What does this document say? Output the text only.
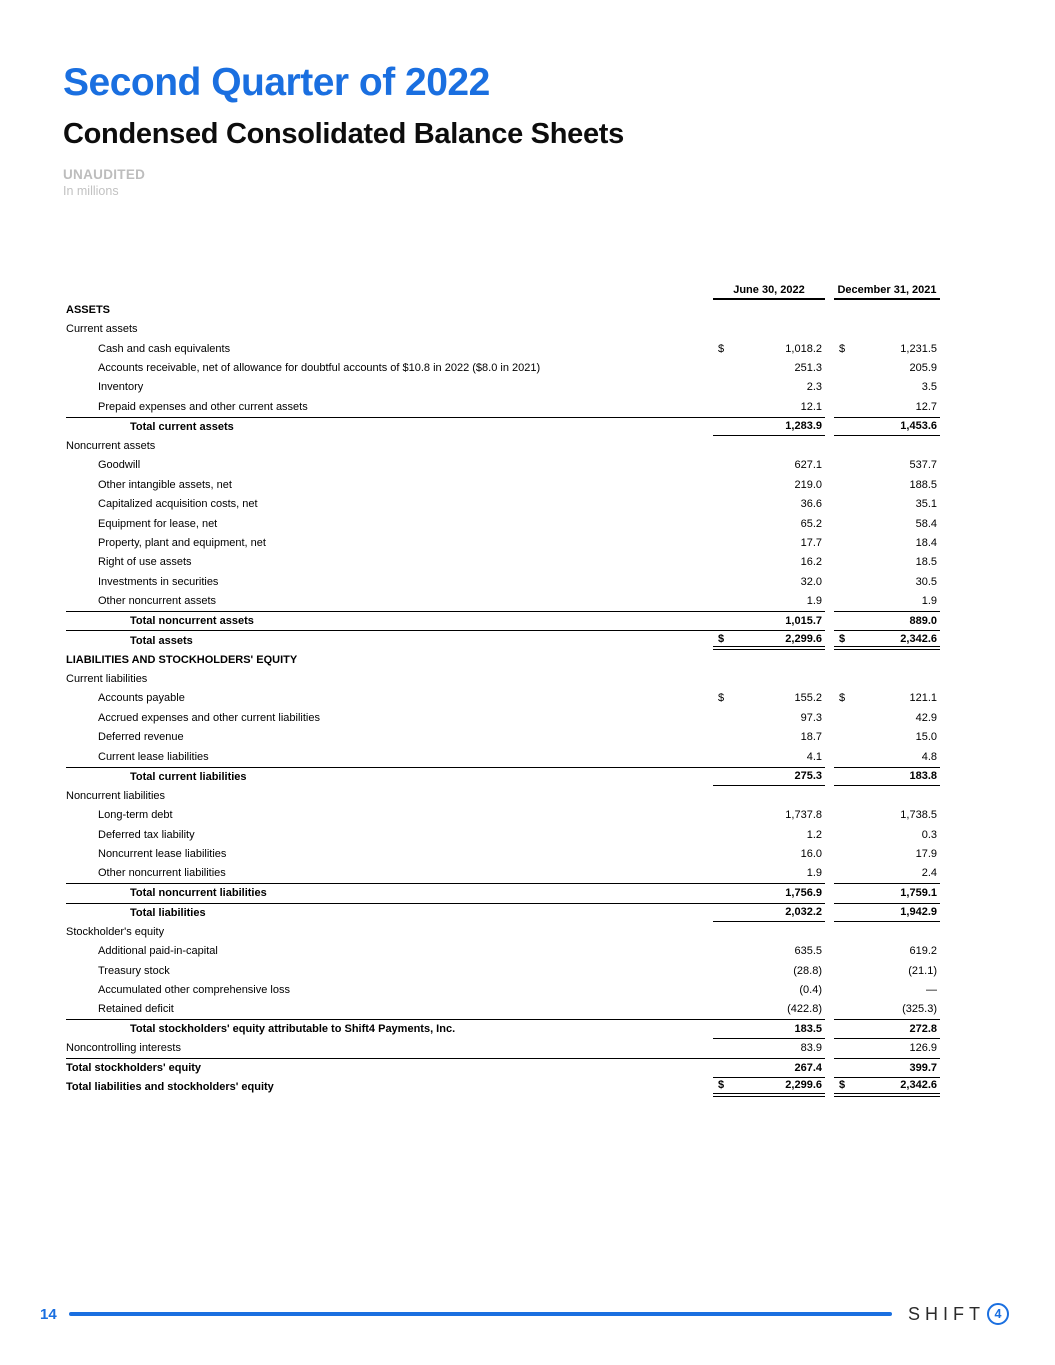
Second Quarter of 2022
Condensed Consolidated Balance Sheets
UNAUDITED
In millions
June 30, 2022	December 31, 2021
ASSETS
Current assets
Cash and cash equivalents	$	1,018.2	$	1,231.5
Accounts receivable, net of allowance for doubtful accounts of $10.8 in 2022 ($8.0 in 2021)	251.3	205.9
Inventory	2.3	3.5
Prepaid expenses and other current assets	12.1	12.7
Total current assets	1,283.9	1,453.6
Noncurrent assets
Goodwill	627.1	537.7
Other intangible assets, net	219.0	188.5
Capitalized acquisition costs, net	36.6	35.1
Equipment for lease, net	65.2	58.4
Property, plant and equipment, net	17.7	18.4
Right of use assets	16.2	18.5
Investments in securities	32.0	30.5
Other noncurrent assets	1.9	1.9
Total noncurrent assets	1,015.7	889.0
Total assets	$	2,299.6	$	2,342.6
LIABILITIES AND STOCKHOLDERS' EQUITY
Current liabilities
Accounts payable	$	155.2	$	121.1
Accrued expenses and other current liabilities	97.3	42.9
Deferred revenue	18.7	15.0
Current lease liabilities	4.1	4.8
Total current liabilities	275.3	183.8
Noncurrent liabilities
Long-term debt	1,737.8	1,738.5
Deferred tax liability	1.2	0.3
Noncurrent lease liabilities	16.0	17.9
Other noncurrent liabilities	1.9	2.4
Total noncurrent liabilities	1,756.9	1,759.1
Total liabilities	2,032.2	1,942.9
Stockholder's equity
Additional paid-in-capital	635.5	619.2
Treasury stock	(28.8)	(21.1)
Accumulated other comprehensive loss	(0.4)	—
Retained deficit	(422.8)	(325.3)
Total stockholders' equity attributable to Shift4 Payments, Inc.	183.5	272.8
Noncontrolling interests	83.9	126.9
Total stockholders' equity	267.4	399.7
Total liabilities and stockholders' equity	$	2,299.6	$	2,342.6
14	SHIFT 4
